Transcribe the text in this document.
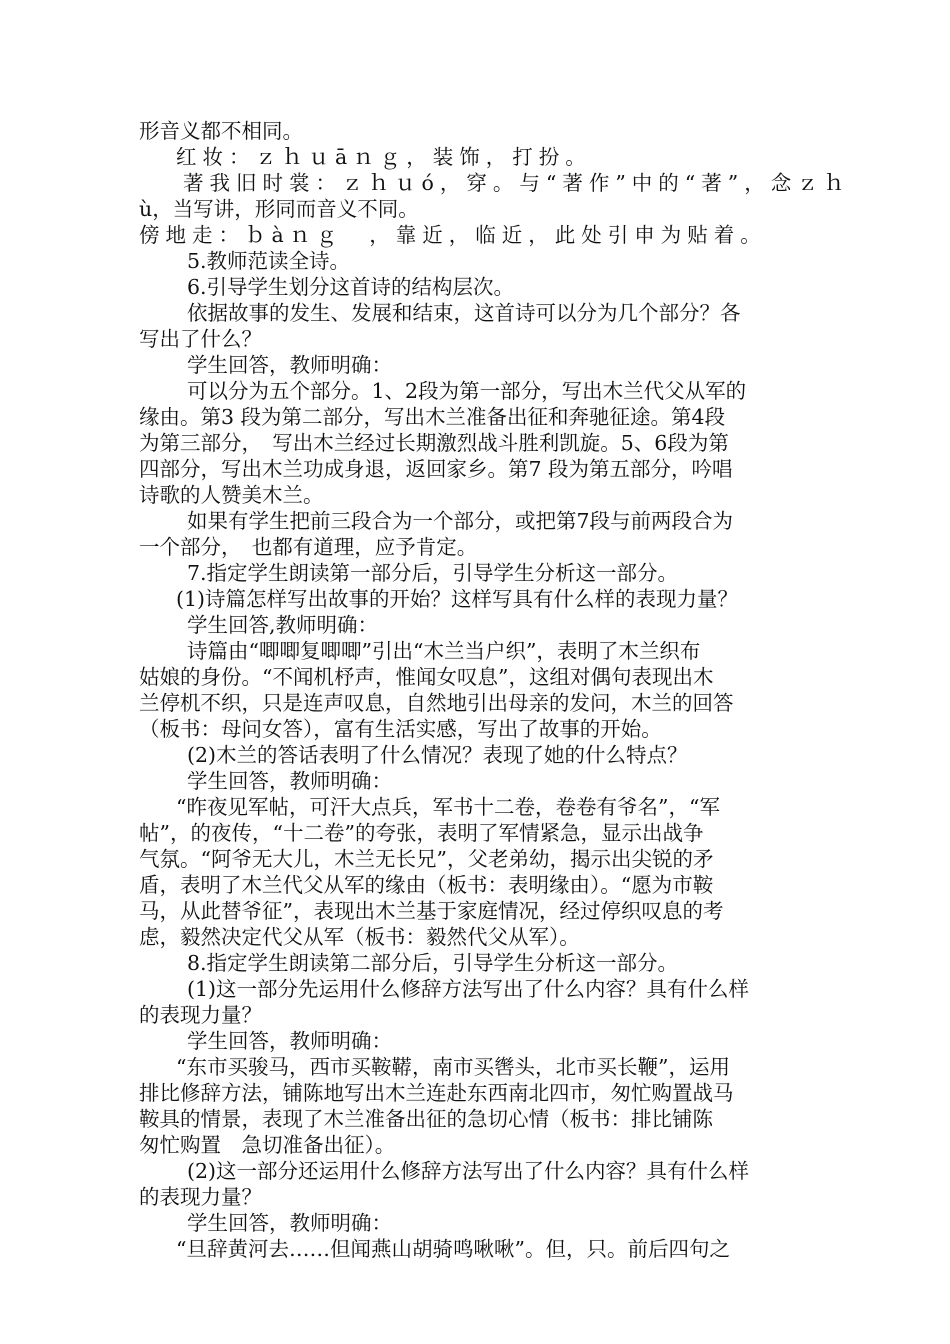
形音义都不相同。
红妆：ｚｈｕāｎｇ，装饰，打扮。
著我旧时裳：ｚｈｕó，穿。与“著作”中的“著”，念ｚｈ
ù，当写讲，形同而音义不同。
傍地走：ｂàｎｇ　，靠近，临近，此处引申为贴着。
5.教师范读全诗。
6.引导学生划分这首诗的结构层次。
依据故事的发生、发展和结束，这首诗可以分为几个部分？各
写出了什么？
学生回答，教师明确：
可以分为五个部分。1、2段为第一部分，写出木兰代父从军的
缘由。第3 段为第二部分，写出木兰准备出征和奔驰征途。第4段
为第三部分，　写出木兰经过长期激烈战斗胜利凯旋。5、6段为第
四部分，写出木兰功成身退，返回家乡。第7 段为第五部分，吟唱
诗歌的人赞美木兰。
如果有学生把前三段合为一个部分，或把第7段与前两段合为
一个部分，　也都有道理，应予肯定。
7.指定学生朗读第一部分后，引导学生分析这一部分。
(1)诗篇怎样写出故事的开始？这样写具有什么样的表现力量？
学生回答,教师明确：
诗篇由“唧唧复唧唧”引出“木兰当户织”，表明了木兰织布
姑娘的身份。“不闻机杼声，惟闻女叹息”，这组对偶句表现出木
兰停机不织，只是连声叹息，自然地引出母亲的发问，木兰的回答
（板书：母问女答），富有生活实感，写出了故事的开始。
(2)木兰的答话表明了什么情况？表现了她的什么特点？
学生回答，教师明确：
“昨夜见军帖，可汗大点兵，军书十二卷，卷卷有爷名”，“军
帖”，的夜传，“十二卷”的夸张，表明了军情紧急，显示出战争
气氛。“阿爷无大儿，木兰无长兄”，父老弟幼，揭示出尖锐的矛
盾，表明了木兰代父从军的缘由（板书：表明缘由）。“愿为市鞍
马，从此替爷征”，表现出木兰基于家庭情况，经过停织叹息的考
虑，毅然决定代父从军（板书：毅然代父从军）。
8.指定学生朗读第二部分后，引导学生分析这一部分。
(1)这一部分先运用什么修辞方法写出了什么内容？具有什么样
的表现力量？
学生回答，教师明确：
“东市买骏马，西市买鞍鞯，南市买辔头，北市买长鞭”，运用
排比修辞方法，铺陈地写出木兰连赴东西南北四市，匆忙购置战马
鞍具的情景，表现了木兰准备出征的急切心情（板书：排比铺陈
匆忙购置　急切准备出征）。
(2)这一部分还运用什么修辞方法写出了什么内容？具有什么样
的表现力量？
学生回答，教师明确：
“旦辞黄河去……但闻燕山胡骑鸣啾啾”。但，只。前后四句之
